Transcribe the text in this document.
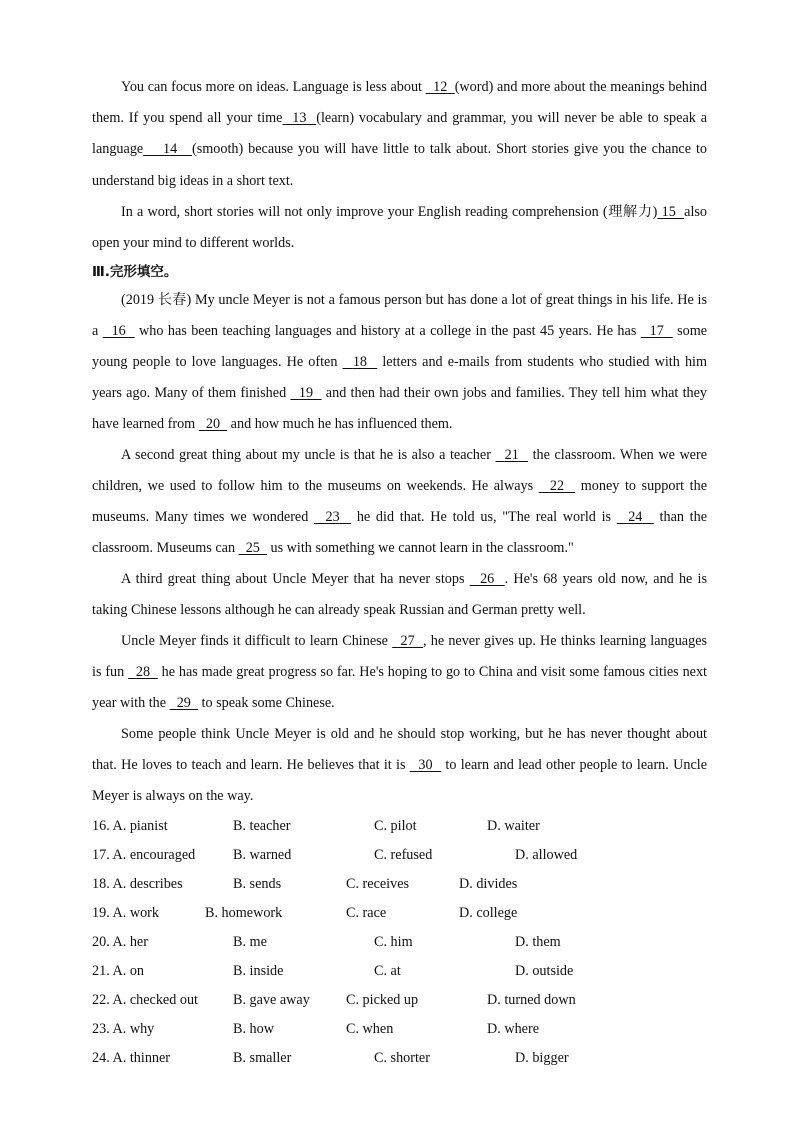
You can focus more on ideas. Language is less about   12 (word) and more about the meanings behind them. If you spend all your time 13 (learn) vocabulary and grammar, you will never be able to speak a language 14 (smooth) because you will have little to talk about. Short stories give you the chance to understand big ideas in a short text.

In a word, short stories will not only improve your English reading comprehension (理解力) 15 also open your mind to different worlds.

Ⅲ.完形填空。

(2019 长春) My uncle Meyer is not a famous person but has done a lot of great things in his life. He is a   16   who has been teaching languages and history at a college in the past 45 years. He has   17   some young people to love languages. He often   18   letters and e-mails from students who studied with him years ago. Many of them finished   19   and then had their own jobs and families. They tell him what they have learned from   20   and how much he has influenced them.

A second great thing about my uncle is that he is also a teacher   21   the classroom. When we were children, we used to follow him to the museums on weekends. He always   22   money to support the museums. Many times we wondered   23   he did that. He told us, "The real world is   24   than the classroom. Museums can   25   us with something we cannot learn in the classroom."

A third great thing about Uncle Meyer that ha never stops   26 . He's 68 years old now, and he is taking Chinese lessons although he can already speak Russian and German pretty well.

Uncle Meyer finds it difficult to learn Chinese   27 , he never gives up. He thinks learning languages is fun   28   he has made great progress so far. He's hoping to go to China and visit some famous cities next year with the   29   to speak some Chinese.

Some people think Uncle Meyer is old and he should stop working, but he has never thought about that. He loves to teach and learn. He believes that it is   30   to learn and lead other people to learn. Uncle Meyer is always on the way.

16. A. pianist	B. teacher	C. pilot	D. waiter
17. A. encouraged	B. warned	C. refused	D. allowed
18. A. describes	B. sends	C. receives	D. divides
19. A. work	B. homework	C. race	D. college
20. A. her	B. me	C. him	D. them
21. A. on	B. inside	C. at	D. outside
22. A. checked out B. gave away	C. picked up	D. turned down
23. A. why	B. how	C. when	D. where
24. A. thinner	B. smaller	C. shorter	D. bigger
